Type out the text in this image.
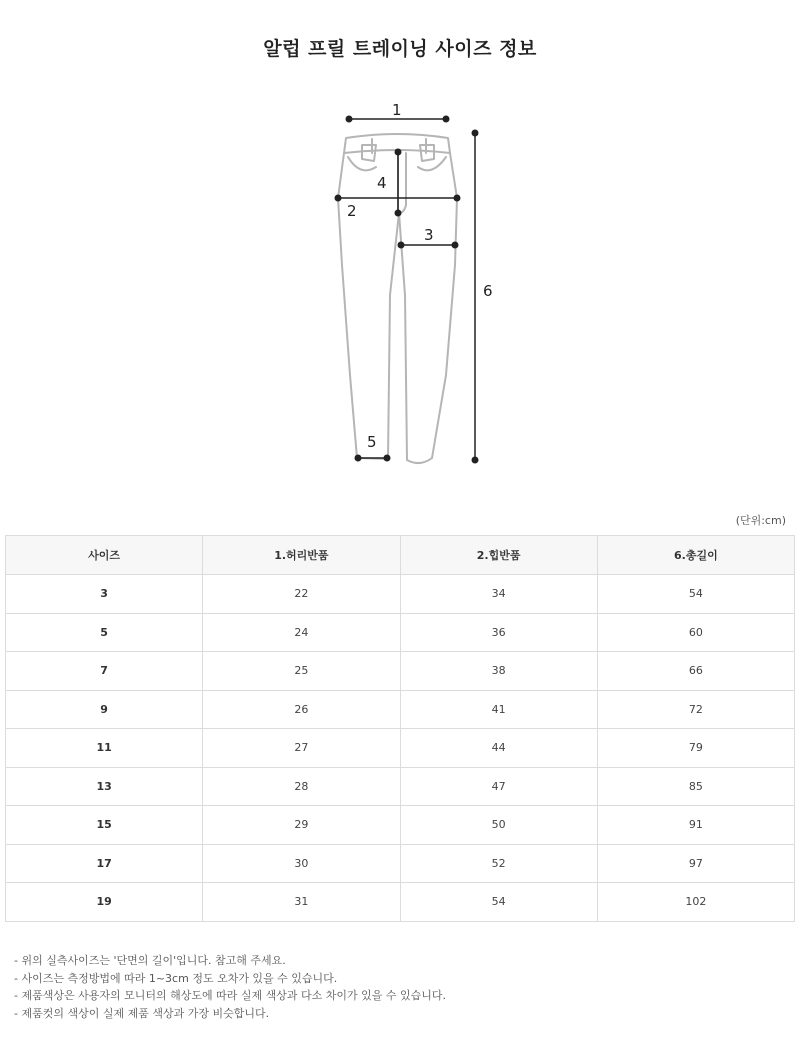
알럽 프릴 트레이닝 사이즈 정보
1
2
3
4
5
6
(단위:cm)
사이즈	1.허리반품	2.힙반품	6.총길이
3	22	34	54
5	24	36	60
7	25	38	66
9	26	41	72
11	27	44	79
13	28	47	85
15	29	50	91
17	30	52	97
19	31	54	102
- 위의 실측사이즈는 '단면의 길이'입니다. 참고해 주세요.
- 사이즈는 측정방법에 따라 1~3cm 정도 오차가 있을 수 있습니다.
- 제품색상은 사용자의 모니터의 해상도에 따라 실제 색상과 다소 차이가 있을 수 있습니다.
- 제품컷의 색상이 실제 제품 색상과 가장 비슷합니다.
